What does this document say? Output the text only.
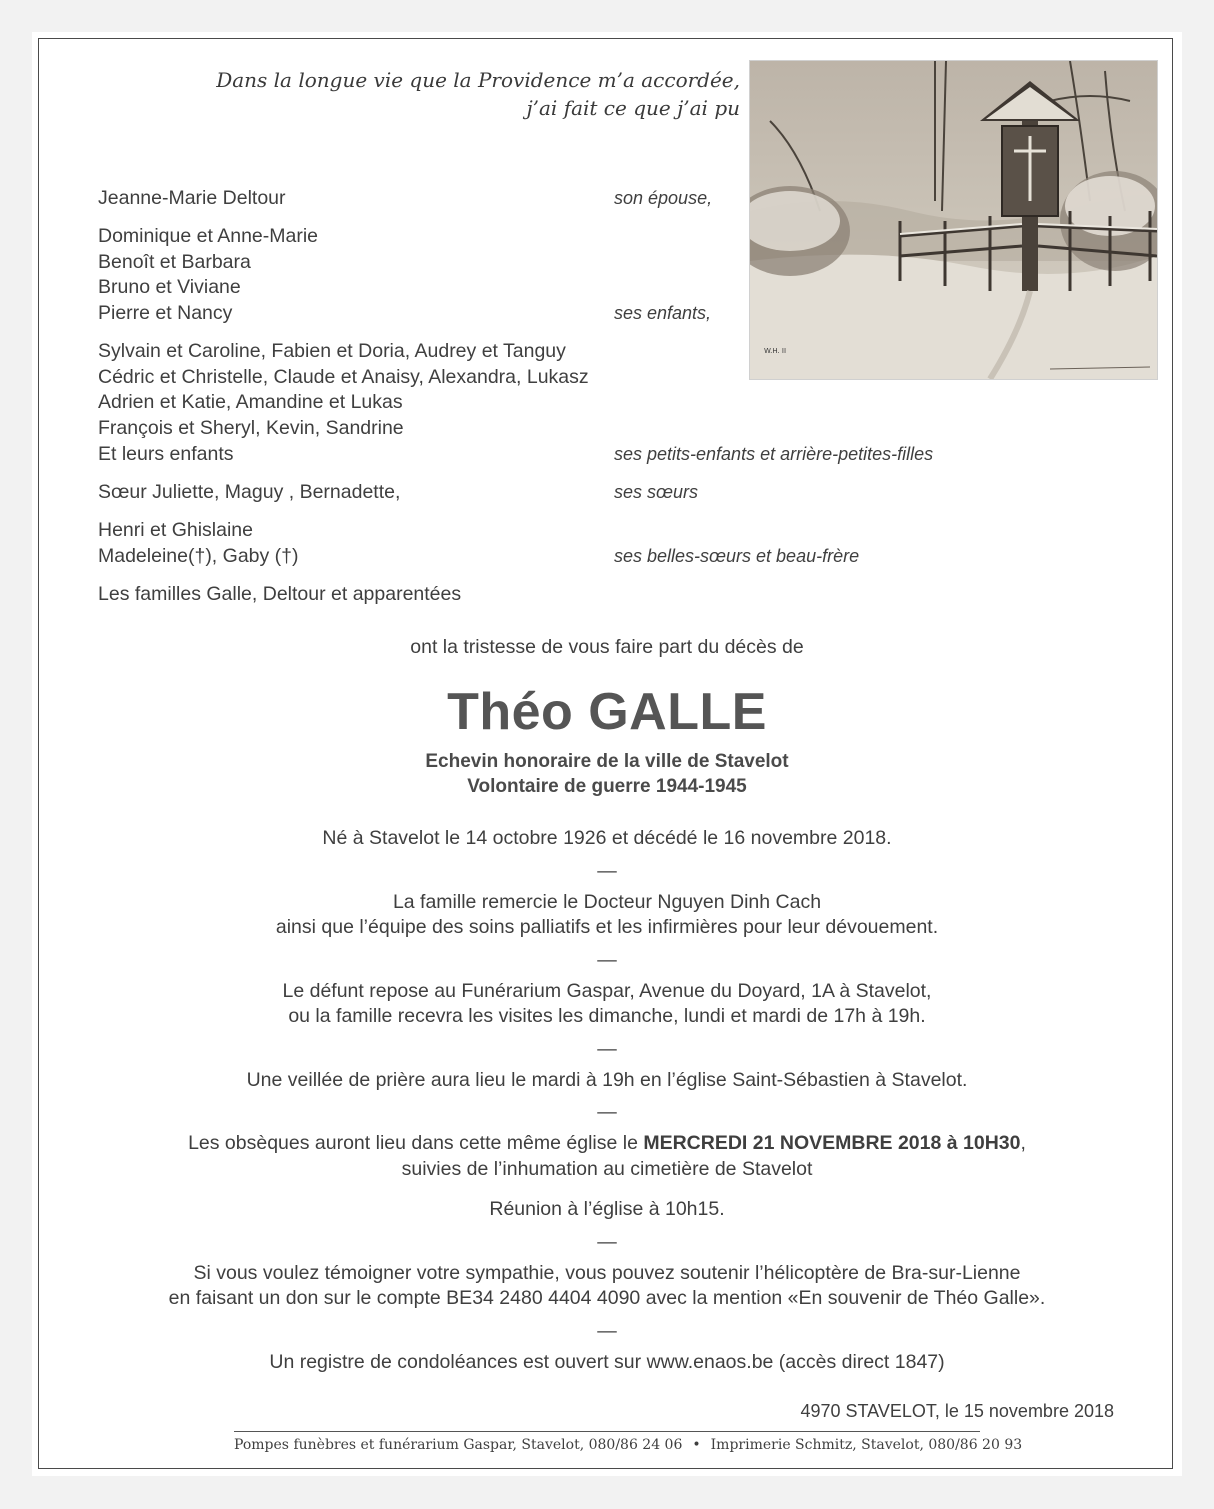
Dans la longue vie que la Providence m’a accordée,
j’ai fait ce que j’ai pu
W.H. II
Jeanne-Marie Deltour	son épouse,
Dominique et Anne-Marie
Benoît et Barbara
Bruno et Viviane
Pierre et Nancy	ses enfants,
Sylvain et Caroline, Fabien et Doria, Audrey et Tanguy
Cédric et Christelle, Claude et Anaisy, Alexandra, Lukasz
Adrien et Katie, Amandine et Lukas
François et Sheryl, Kevin, Sandrine
Et leurs enfants	ses petits-enfants et arrière-petites-filles
Sœur Juliette, Maguy , Bernadette,	ses sœurs
Henri et Ghislaine
Madeleine(†), Gaby (†)	ses belles-sœurs et beau-frère
Les familles Galle, Deltour et apparentées
ont la tristesse de vous faire part du décès de
Théo GALLE
Echevin honoraire de la ville de Stavelot
Volontaire de guerre 1944-1945
Né à Stavelot le 14 octobre 1926 et décédé le 16 novembre 2018.
—
La famille remercie le Docteur Nguyen Dinh Cach
ainsi que l’équipe des soins palliatifs et les infirmières pour leur dévouement.
—
Le défunt repose au Funérarium Gaspar, Avenue du Doyard, 1A à Stavelot,
ou la famille recevra les visites les dimanche, lundi et mardi de 17h à 19h.
—
Une veillée de prière aura lieu le mardi à 19h en l’église Saint-Sébastien à Stavelot.
—
Les obsèques auront lieu dans cette même église le MERCREDI 21 NOVEMBRE 2018 à 10H30,
suivies de l’inhumation au cimetière de Stavelot
Réunion à l’église à 10h15.
—
Si vous voulez témoigner votre sympathie, vous pouvez soutenir l’hélicoptère de Bra-sur-Lienne
en faisant un don sur le compte BE34 2480 4404 4090 avec la mention «En souvenir de Théo Galle».
—
Un registre de condoléances est ouvert sur www.enaos.be (accès direct 1847)
4970 STAVELOT, le 15 novembre 2018
Pompes funèbres et funérarium Gaspar, Stavelot, 080/86 24 06 • Imprimerie Schmitz, Stavelot, 080/86 20 93
